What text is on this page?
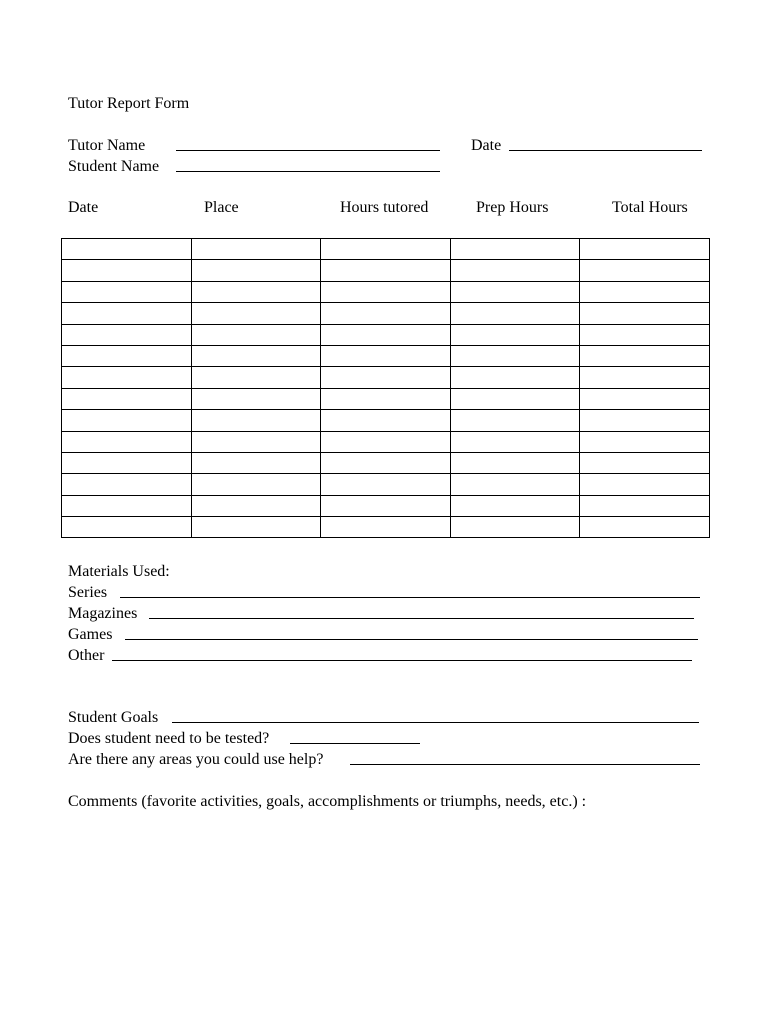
Tutor Report Form
Tutor Name	Date
Student Name
Date	Place	Hours tutored	Prep Hours	Total Hours

Materials Used:
Series
Magazines
Games
Other
Student Goals
Does student need to be tested?
Are there any areas you could use help?
Comments (favorite activities, goals, accomplishments or triumphs, needs, etc.) :
